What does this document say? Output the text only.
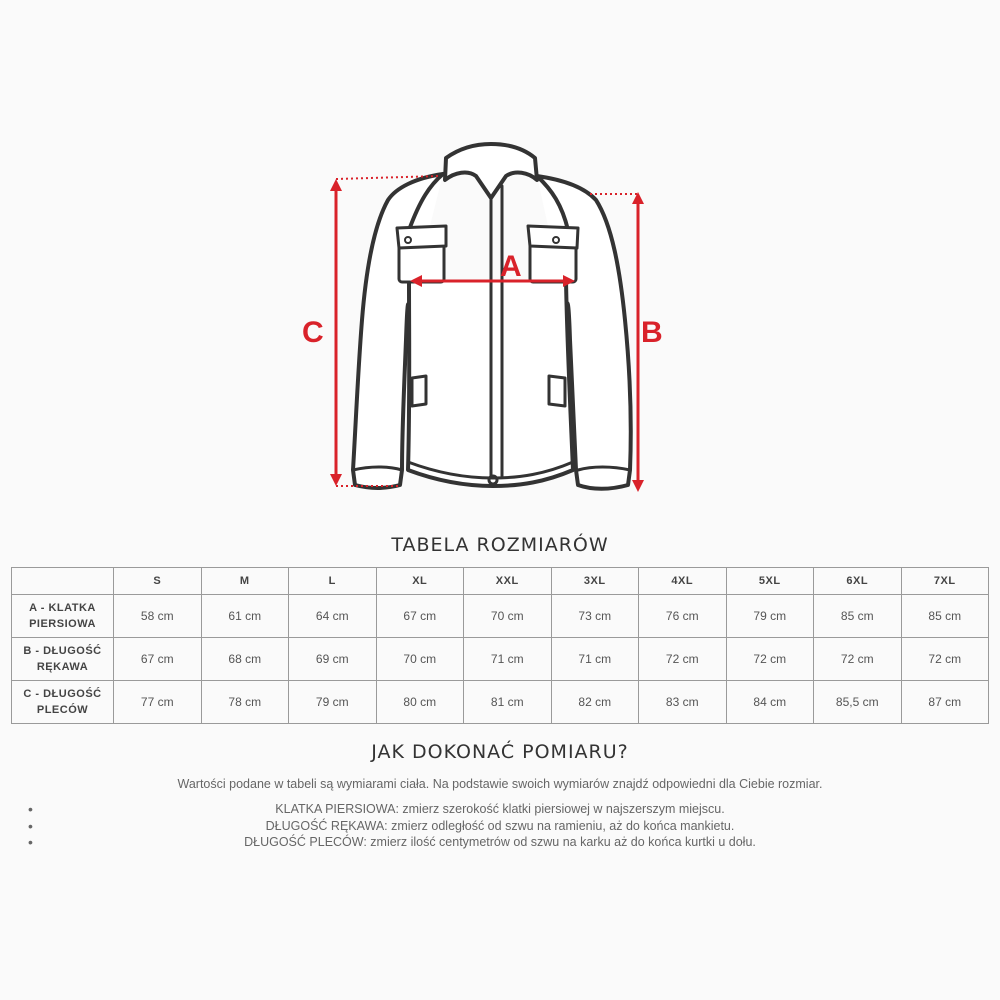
A
B
C
TABELA ROZMIARÓW
	S	M	L	XL	XXL	3XL	4XL	5XL	6XL	7XL
A - KLATKA
PIERSIOWA	58 cm	61 cm	64 cm	67 cm	70 cm	73 cm	76 cm	79 cm	85 cm	85 cm
B - DŁUGOŚĆ
RĘKAWA	67 cm	68 cm	69 cm	70 cm	71 cm	71 cm	72 cm	72 cm	72 cm	72 cm
C - DŁUGOŚĆ
PLECÓW	77 cm	78 cm	79 cm	80 cm	81 cm	82 cm	83 cm	84 cm	85,5 cm	87 cm
JAK DOKONAĆ POMIARU?
Wartości podane w tabeli są wymiarami ciała. Na podstawie swoich wymiarów znajdź odpowiedni dla Ciebie rozmiar.
•	KLATKA PIERSIOWA: zmierz szerokość klatki piersiowej w najszerszym miejscu.
•	DŁUGOŚĆ RĘKAWA: zmierz odległość od szwu na ramieniu, aż do końca mankietu.
•	DŁUGOŚĆ PLECÓW: zmierz ilość centymetrów od szwu na karku aż do końca kurtki u dołu.
